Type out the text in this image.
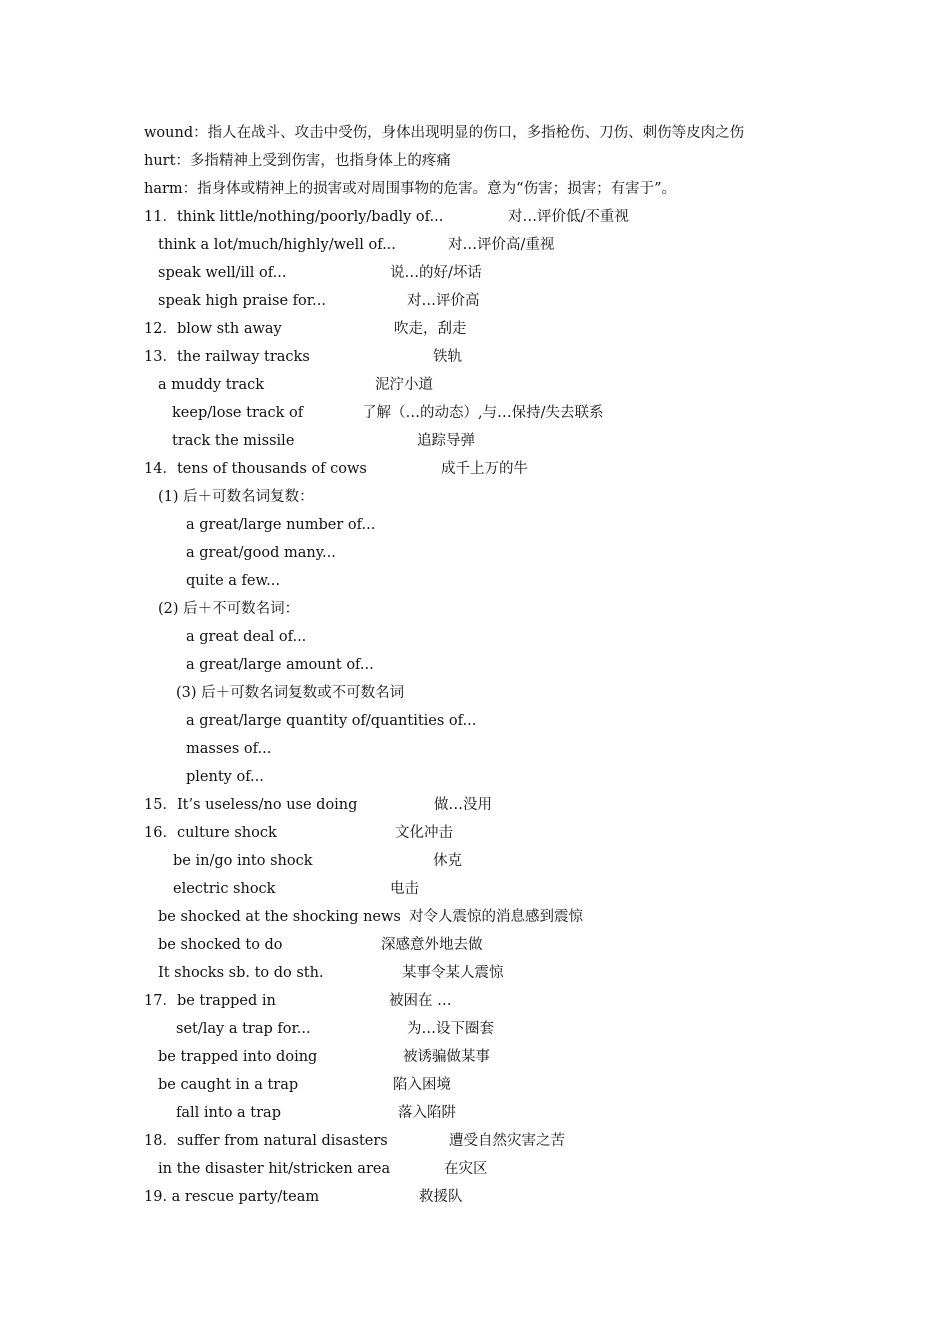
wound：指人在战斗、攻击中受伤，身体出现明显的伤口，多指枪伤、刀伤、刺伤等皮肉之伤
hurt：多指精神上受到伤害，也指身体上的疼痛
harm：指身体或精神上的损害或对周围事物的危害。意为“伤害；损害；有害于”。
11．think little/nothing/poorly/badly of...	对…评价低/不重视
think a lot/much/highly/well of...	对…评价高/重视
speak well/ill of...	说…的好/坏话
speak high praise for...	对…评价高
12．blow sth away	吹走，刮走
13．the railway tracks	铁轨
a muddy track	泥泞小道
keep/lose track of	了解（…的动态）,与…保持/失去联系
track the missile	追踪导弹
14．tens of thousands of cows	成千上万的牛
(1) 后＋可数名词复数：
a great/large number of...
a great/good many...
quite a few...
(2) 后＋不可数名词：
a great deal of...
a great/large amount of...
(3) 后＋可数名词复数或不可数名词
a great/large quantity of/quantities of...
masses of...
plenty of...
15．It’s useless/no use doing	做…没用
16．culture shock	文化冲击
be in/go into shock	休克
electric shock	电击
be shocked at the shocking news 对令人震惊的消息感到震惊
be shocked to do	深感意外地去做
It shocks sb. to do sth.	某事令某人震惊
17．be trapped in	被困在 …
set/lay a trap for...	为…设下圈套
be trapped into doing	被诱骗做某事
be caught in a trap	陷入困境
fall into a trap	落入陷阱
18．suffer from natural disasters	遭受自然灾害之苦
in the disaster hit/stricken area	在灾区
19. a rescue party/team	救援队
